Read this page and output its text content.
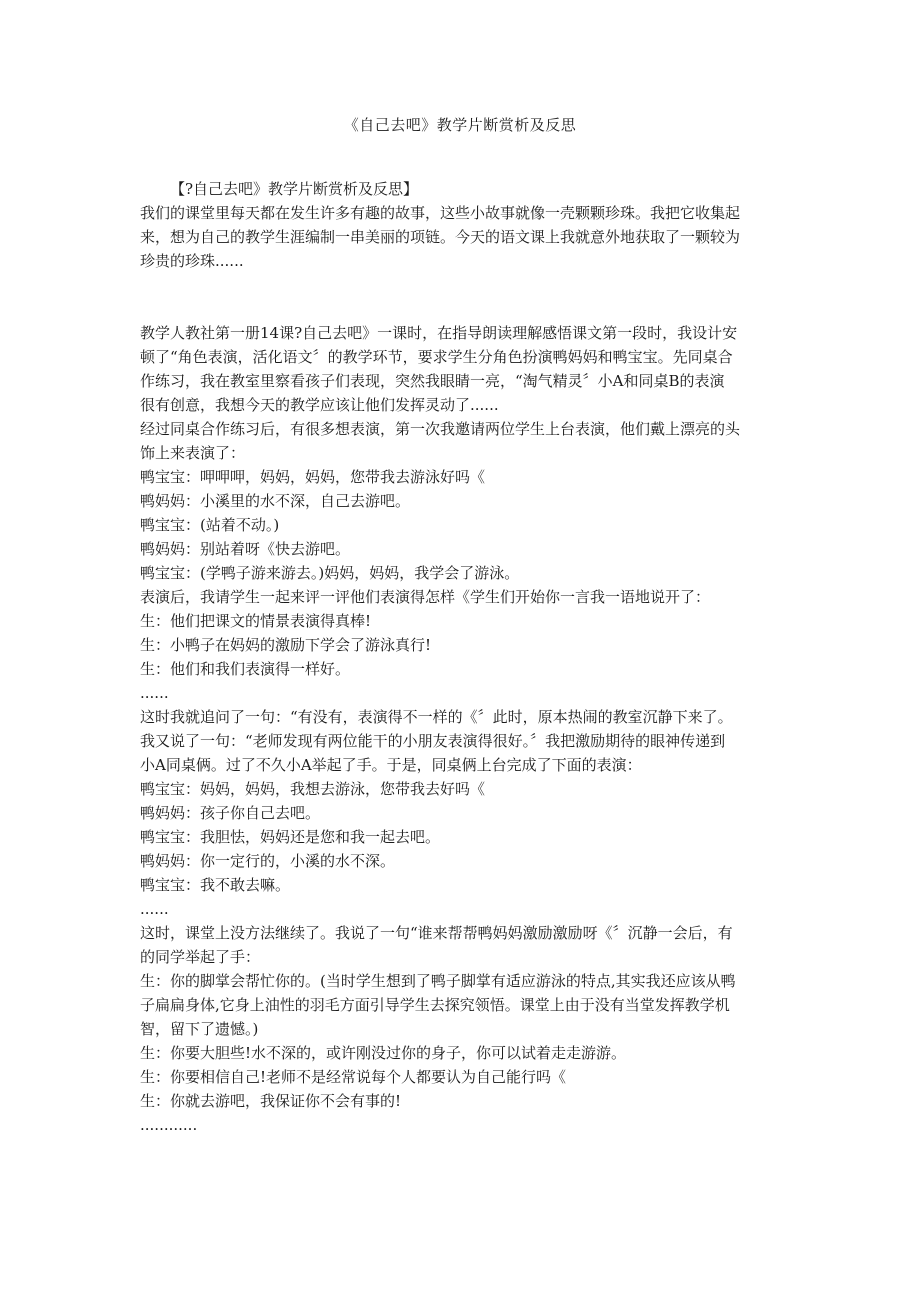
《自己去吧》教学片断赏析及反思
【?自己去吧》教学片断赏析及反思】
我们的课堂里每天都在发生许多有趣的故事，这些小故事就像一壳颗颗珍珠。我把它收集起
来，想为自己的教学生涯编制一串美丽的项链。今天的语文课上我就意外地获取了一颗较为
珍贵的珍珠......
教学人教社第一册14课?自己去吧》一课时，在指导朗读理解感悟课文第一段时，我设计安
顿了“角色表演，活化语文〞的教学环节，要求学生分角色扮演鸭妈妈和鸭宝宝。先同桌合
作练习，我在教室里察看孩子们表现，突然我眼睛一亮，“淘气精灵〞小A和同桌B的表演
很有创意，我想今天的教学应该让他们发挥灵动了......
经过同桌合作练习后，有很多想表演，第一次我邀请两位学生上台表演，他们戴上漂亮的头
饰上来表演了：
鸭宝宝：呷呷呷，妈妈，妈妈，您带我去游泳好吗《
鸭妈妈：小溪里的水不深，自己去游吧。
鸭宝宝：(站着不动。)
鸭妈妈：别站着呀《快去游吧。
鸭宝宝：(学鸭子游来游去。)妈妈，妈妈，我学会了游泳。
表演后，我请学生一起来评一评他们表演得怎样《学生们开始你一言我一语地说开了：
生：他们把课文的情景表演得真棒!
生：小鸭子在妈妈的激励下学会了游泳真行!
生：他们和我们表演得一样好。
......
这时我就追问了一句：“有没有，表演得不一样的《〞此时，原本热闹的教室沉静下来了。
我又说了一句：“老师发现有两位能干的小朋友表演得很好。〞我把激励期待的眼神传递到
小A同桌俩。过了不久小A举起了手。于是，同桌俩上台完成了下面的表演：
鸭宝宝：妈妈，妈妈，我想去游泳，您带我去好吗《
鸭妈妈：孩子你自己去吧。
鸭宝宝：我胆怯，妈妈还是您和我一起去吧。
鸭妈妈：你一定行的，小溪的水不深。
鸭宝宝：我不敢去嘛。
......
这时，课堂上没方法继续了。我说了一句“谁来帮帮鸭妈妈激励激励呀《〞沉静一会后，有
的同学举起了手：
生：你的脚掌会帮忙你的。(当时学生想到了鸭子脚掌有适应游泳的特点,其实我还应该从鸭
子扁扁身体,它身上油性的羽毛方面引导学生去探究领悟。课堂上由于没有当堂发挥教学机
智，留下了遗憾。)
生：你要大胆些!水不深的，或许刚没过你的身子，你可以试着走走游游。
生：你要相信自己!老师不是经常说每个人都要认为自己能行吗《
生：你就去游吧，我保证你不会有事的!
............
